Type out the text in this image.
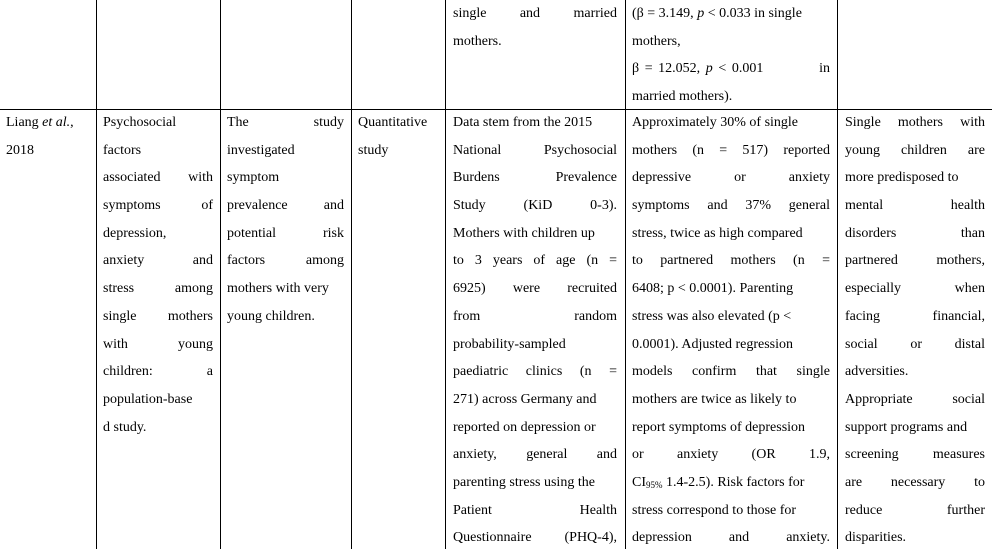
single and married
mothers.
(β = 3.149, p < 0.033 in single
mothers,
β = 12.052, p < 0.001          in
married mothers).
Liang et al.,
2018
Psychosocial
factors
associated with
symptoms of
depression,
anxiety and
stress among
single mothers
with young
children: a
population-base
d study.
The study
investigated
symptom
prevalence and
potential risk
factors among
mothers with very
young children.
Quantitative
study
Data stem from the 2015
National Psychosocial
Burdens Prevalence
Study (KiD 0-3).
Mothers with children up
to 3 years of age (n =
6925) were recruited
from random
probability-sampled
paediatric clinics (n =
271) across Germany and
reported on depression or
anxiety, general and
parenting stress using the
Patient Health
Questionnaire (PHQ-4),
Approximately 30% of single
mothers (n = 517) reported
depressive or anxiety
symptoms and 37% general
stress, twice as high compared
to partnered mothers (n =
6408; p < 0.0001). Parenting
stress was also elevated (p <
0.0001). Adjusted regression
models confirm that single
mothers are twice as likely to
report symptoms of depression
or anxiety (OR 1.9,
$CI_{95\%}$ 1.4-2.5). Risk factors for
stress correspond to those for
depression and anxiety.
Single mothers with
young children are
more predisposed to
mental health
disorders than
partnered mothers,
especially when
facing financial,
social or distal
adversities.
Appropriate social
support programs and
screening measures
are necessary to
reduce further
disparities.
